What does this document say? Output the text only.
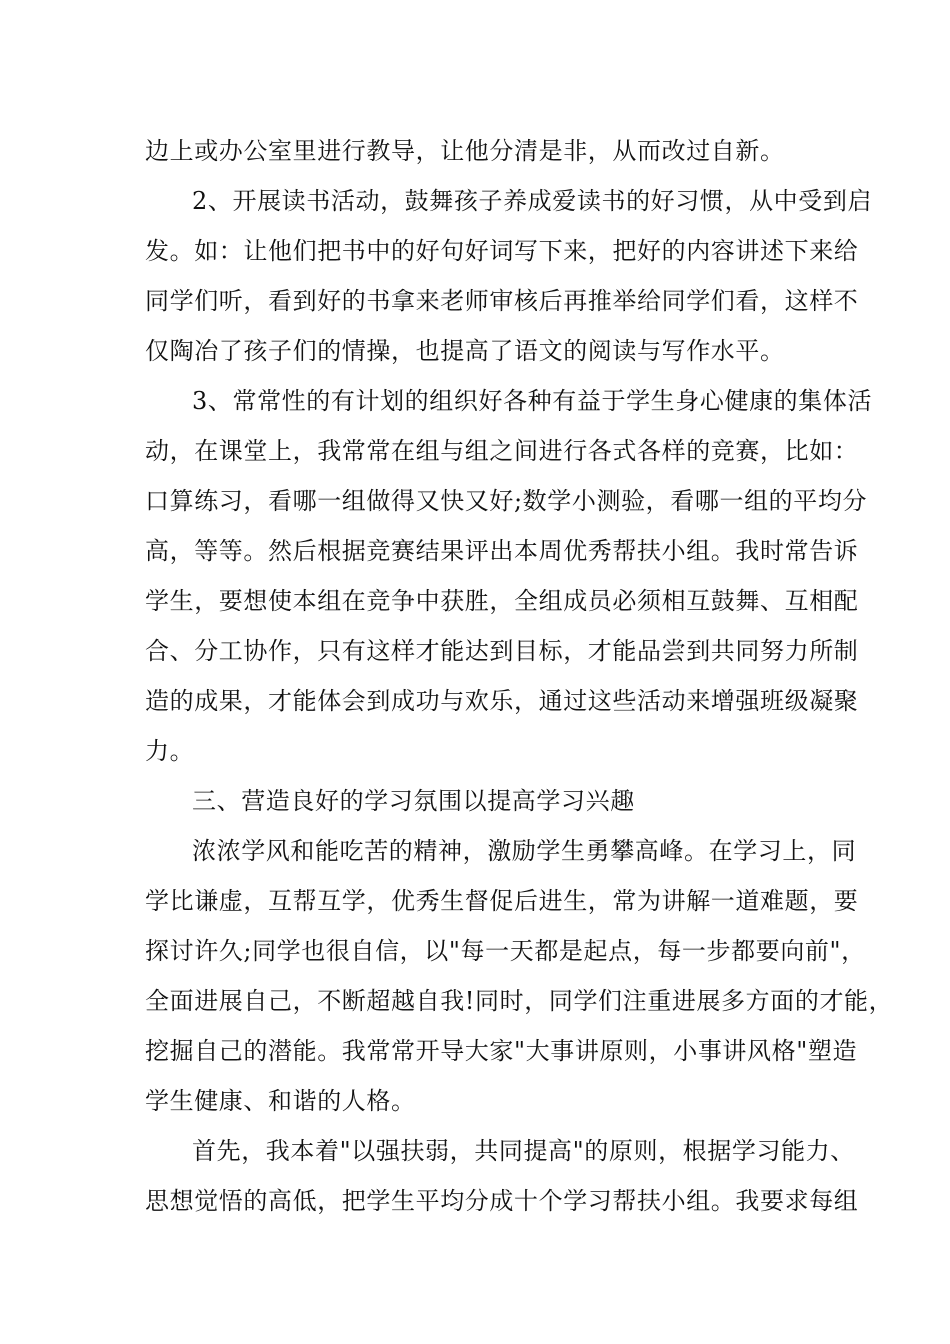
边上或办公室里进行教导，让他分清是非，从而改过自新。
2、开展读书活动，鼓舞孩子养成爱读书的好习惯，从中受到启
发。如：让他们把书中的好句好词写下来，把好的内容讲述下来给
同学们听，看到好的书拿来老师审核后再推举给同学们看，这样不
仅陶冶了孩子们的情操，也提高了语文的阅读与写作水平。
3、常常性的有计划的组织好各种有益于学生身心健康的集体活
动，在课堂上，我常常在组与组之间进行各式各样的竞赛，比如：
口算练习，看哪一组做得又快又好;数学小测验，看哪一组的平均分
高，等等。然后根据竞赛结果评出本周优秀帮扶小组。我时常告诉
学生，要想使本组在竞争中获胜，全组成员必须相互鼓舞、互相配
合、分工协作，只有这样才能达到目标，才能品尝到共同努力所制
造的成果，才能体会到成功与欢乐，通过这些活动来增强班级凝聚
力。
三、营造良好的学习氛围以提高学习兴趣
浓浓学风和能吃苦的精神，激励学生勇攀高峰。在学习上，同
学比谦虚，互帮互学，优秀生督促后进生，常为讲解一道难题，要
探讨许久;同学也很自信，以"每一天都是起点，每一步都要向前"，
全面进展自己，不断超越自我!同时，同学们注重进展多方面的才能，
挖掘自己的潜能。我常常开导大家"大事讲原则，小事讲风格"塑造
学生健康、和谐的人格。
首先，我本着"以强扶弱，共同提高"的原则，根据学习能力、
思想觉悟的高低，把学生平均分成十个学习帮扶小组。我要求每组
